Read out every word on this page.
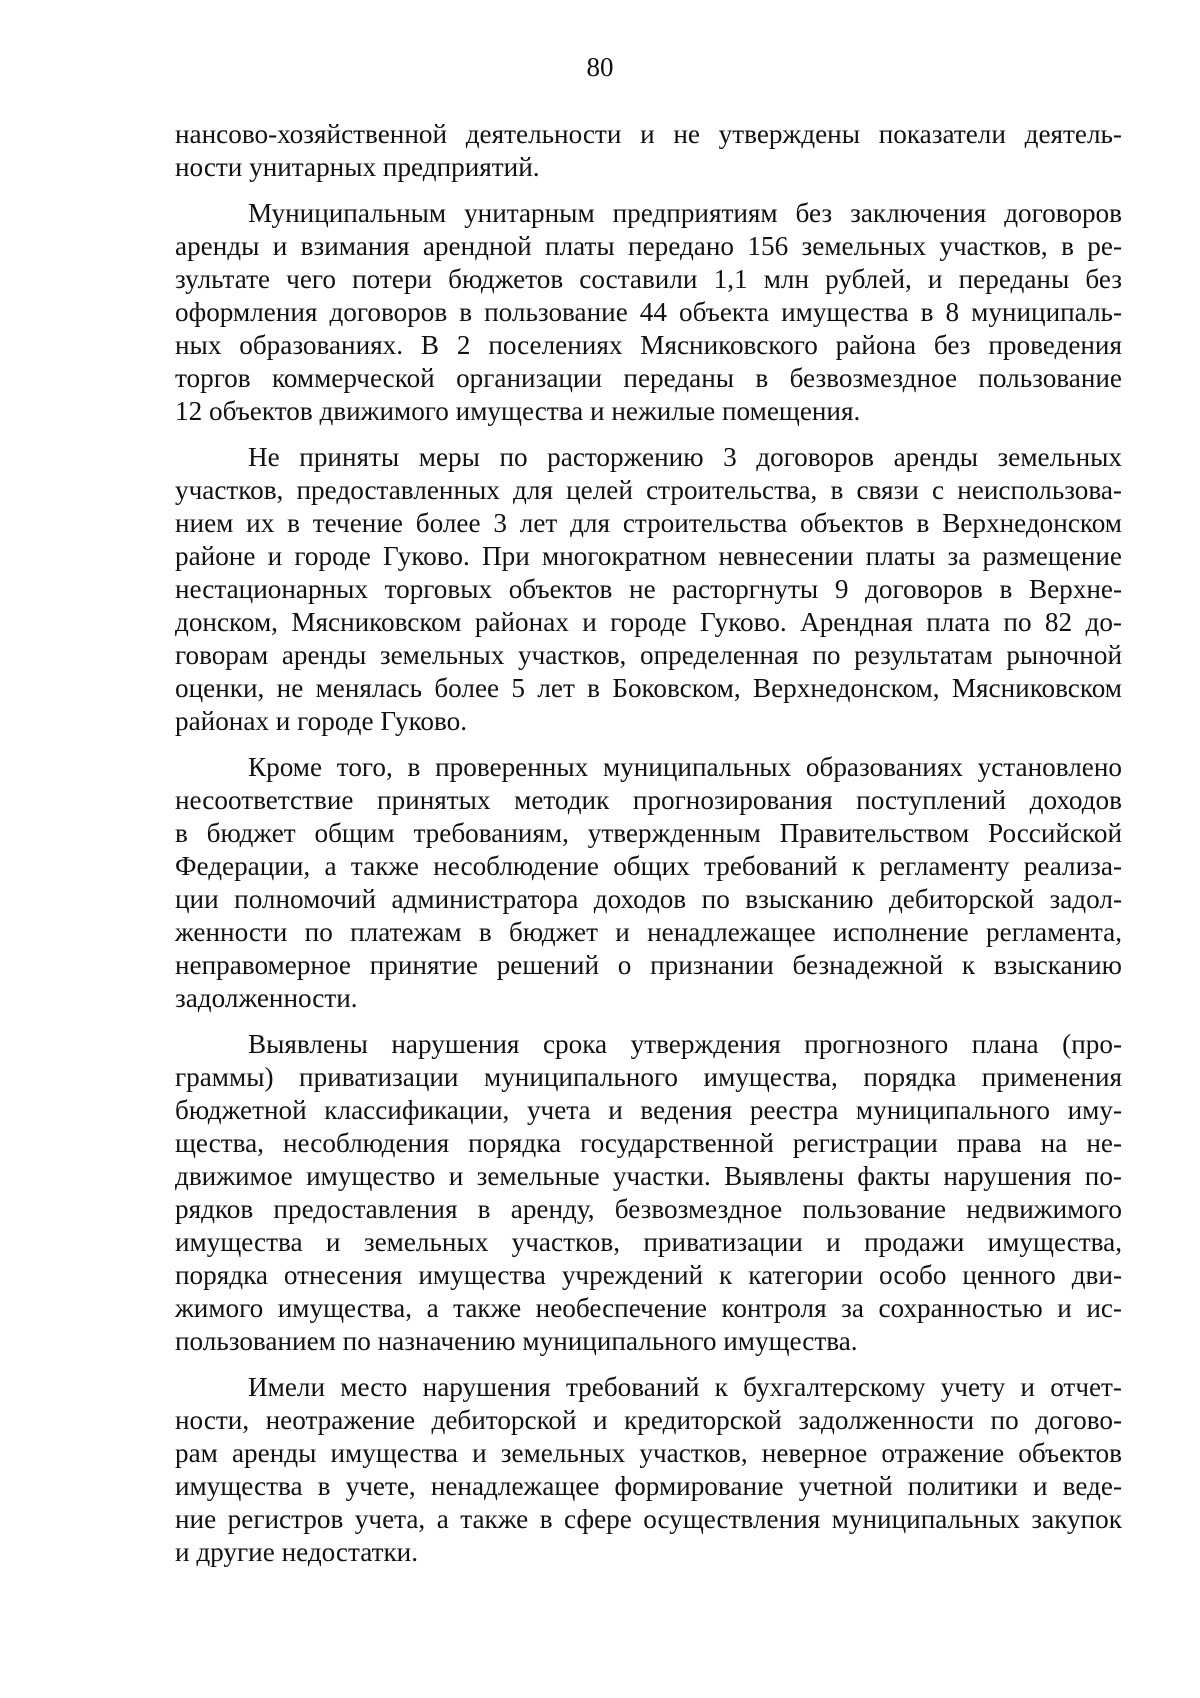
80
нансово-хозяйственной деятельности и не утверждены показатели деятель-
ности унитарных предприятий.
Муниципальным унитарным предприятиям без заключения договоров
аренды и взимания арендной платы передано 156 земельных участков, в ре-
зультате чего потери бюджетов составили 1,1 млн рублей, и переданы без
оформления договоров в пользование 44 объекта имущества в 8 муниципаль-
ных образованиях. В 2 поселениях Мясниковского района без проведения
торгов коммерческой организации переданы в безвозмездное пользование
12 объектов движимого имущества и нежилые помещения.
Не приняты меры по расторжению 3 договоров аренды земельных
участков, предоставленных для целей строительства, в связи с неиспользова-
нием их в течение более 3 лет для строительства объектов в Верхнедонском
районе и городе Гуково. При многократном невнесении платы за размещение
нестационарных торговых объектов не расторгнуты 9 договоров в Верхне-
донском, Мясниковском районах и городе Гуково. Арендная плата по 82 до-
говорам аренды земельных участков, определенная по результатам рыночной
оценки, не менялась более 5 лет в Боковском, Верхнедонском, Мясниковском
районах и городе Гуково.
Кроме того, в проверенных муниципальных образованиях установлено
несоответствие принятых методик прогнозирования поступлений доходов
в бюджет общим требованиям, утвержденным Правительством Российской
Федерации, а также несоблюдение общих требований к регламенту реализа-
ции полномочий администратора доходов по взысканию дебиторской задол-
женности по платежам в бюджет и ненадлежащее исполнение регламента,
неправомерное принятие решений о признании безнадежной к взысканию
задолженности.
Выявлены нарушения срока утверждения прогнозного плана (про-
граммы) приватизации муниципального имущества, порядка применения
бюджетной классификации, учета и ведения реестра муниципального иму-
щества, несоблюдения порядка государственной регистрации права на не-
движимое имущество и земельные участки. Выявлены факты нарушения по-
рядков предоставления в аренду, безвозмездное пользование недвижимого
имущества и земельных участков, приватизации и продажи имущества,
порядка отнесения имущества учреждений к категории особо ценного дви-
жимого имущества, а также необеспечение контроля за сохранностью и ис-
пользованием по назначению муниципального имущества.
Имели место нарушения требований к бухгалтерскому учету и отчет-
ности, неотражение дебиторской и кредиторской задолженности по догово-
рам аренды имущества и земельных участков, неверное отражение объектов
имущества в учете, ненадлежащее формирование учетной политики и веде-
ние регистров учета, а также в сфере осуществления муниципальных закупок
и другие недостатки.
